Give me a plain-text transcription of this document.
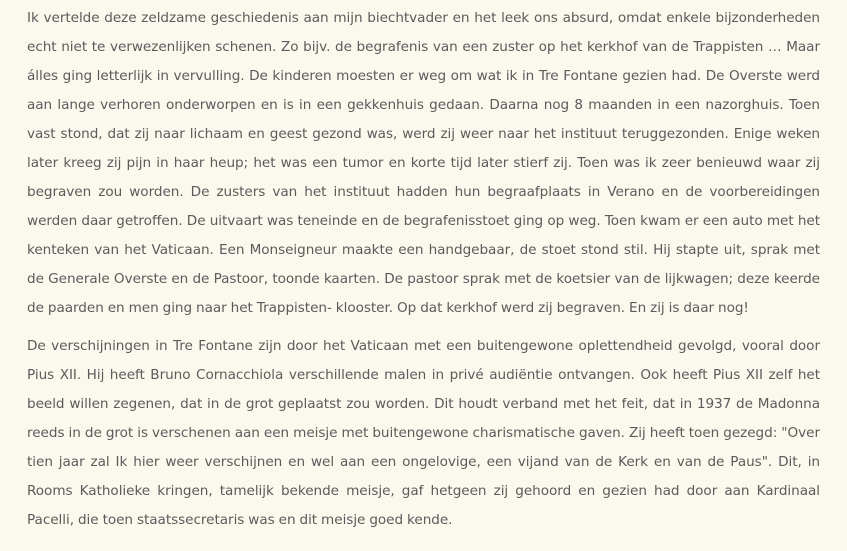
Ik vertelde deze zeldzame geschiedenis aan mijn biechtvader en het leek ons absurd, omdat enkele bijzonderheden echt niet te verwezenlijken schenen. Zo bijv. de begrafenis van een zuster op het kerkhof van de Trappisten … Maar álles ging letterlijk in vervulling. De kinderen moesten er weg om wat ik in Tre Fontane gezien had. De Overste werd aan lange verhoren onderworpen en is in een gekkenhuis gedaan. Daarna nog 8 maanden in een nazorghuis. Toen vast stond, dat zij naar lichaam en geest gezond was, werd zij weer naar het instituut teruggezonden. Enige weken later kreeg zij pijn in haar heup; het was een tumor en korte tijd later stierf zij. Toen was ik zeer benieuwd waar zij begraven zou worden. De zusters van het instituut hadden hun begraafplaats in Verano en de voorbereidingen werden daar getroffen. De uitvaart was teneinde en de begrafenisstoet ging op weg. Toen kwam er een auto met het kenteken van het Vaticaan. Een Monseigneur maakte een handgebaar, de stoet stond stil. Hij stapte uit, sprak met de Generale Overste en de Pastoor, toonde kaarten. De pastoor sprak met de koetsier van de lijkwagen; deze keerde de paarden en men ging naar het Trappisten- klooster. Op dat kerkhof werd zij begraven. En zij is daar nog!

De verschijningen in Tre Fontane zijn door het Vaticaan met een buitengewone oplettendheid gevolgd, vooral door Pius XII. Hij heeft Bruno Cornacchiola verschillende malen in privé audiëntie ontvangen. Ook heeft Pius XII zelf het beeld willen zegenen, dat in de grot geplaatst zou worden. Dit houdt verband met het feit, dat in 1937 de Madonna reeds in de grot is verschenen aan een meisje met buitengewone charismatische gaven. Zij heeft toen gezegd: "Over tien jaar zal Ik hier weer verschijnen en wel aan een ongelovige, een vijand van de Kerk en van de Paus". Dit, in Rooms Katholieke kringen, tamelijk bekende meisje, gaf hetgeen zij gehoord en gezien had door aan Kardinaal Pacelli, die toen staatssecretaris was en dit meisje goed kende.
